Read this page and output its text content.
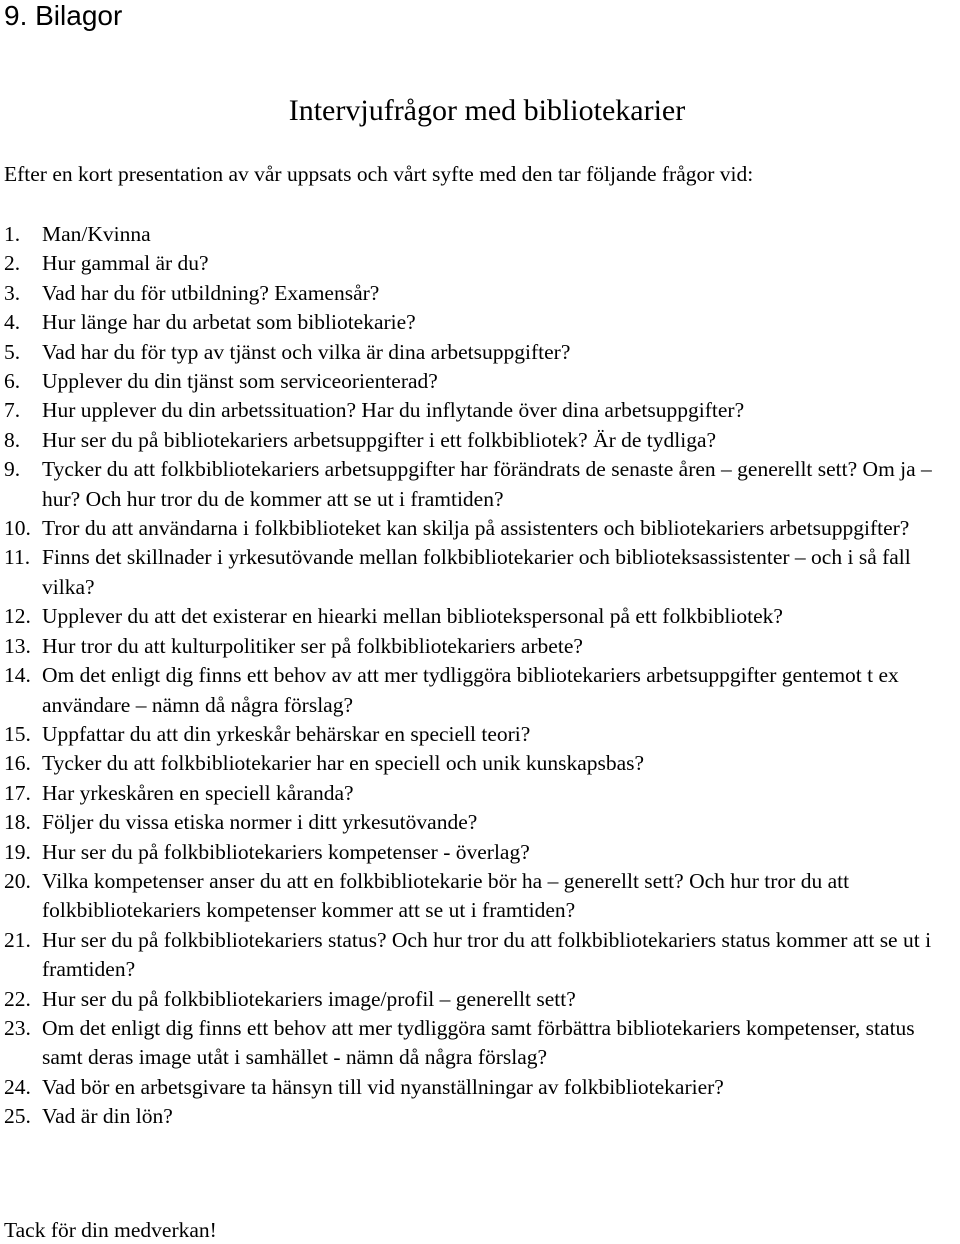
9. Bilagor
Intervjufrågor med bibliotekarier

Efter en kort presentation av vår uppsats och vårt syfte med den tar följande frågor vid:

1. Man/Kvinna
2. Hur gammal är du?
3. Vad har du för utbildning? Examensår?
4. Hur länge har du arbetat som bibliotekarie?
5. Vad har du för typ av tjänst och vilka är dina arbetsuppgifter?
6. Upplever du din tjänst som serviceorienterad?
7. Hur upplever du din arbetssituation? Har du inflytande över dina arbetsuppgifter?
8. Hur ser du på bibliotekariers arbetsuppgifter i ett folkbibliotek? Är de tydliga?
9. Tycker du att folkbibliotekariers arbetsuppgifter har förändrats de senaste åren – generellt sett? Om ja – hur? Och hur tror du de kommer att se ut i framtiden?
10. Tror du att användarna i folkbiblioteket kan skilja på assistenters och bibliotekariers arbetsuppgifter?
11. Finns det skillnader i yrkesutövande mellan folkbibliotekarier och biblioteksassistenter – och i så fall vilka?
12. Upplever du att det existerar en hiearki mellan bibliotekspersonal på ett folkbibliotek?
13. Hur tror du att kulturpolitiker ser på folkbibliotekariers arbete?
14. Om det enligt dig finns ett behov av att mer tydliggöra bibliotekariers arbetsuppgifter gentemot t ex användare – nämn då några förslag?
15. Uppfattar du att din yrkeskår behärskar en speciell teori?
16. Tycker du att folkbibliotekarier har en speciell och unik kunskapsbas?
17. Har yrkeskåren en speciell kåranda?
18. Följer du vissa etiska normer i ditt yrkesutövande?
19. Hur ser du på folkbibliotekariers kompetenser - överlag?
20. Vilka kompetenser anser du att en folkbibliotekarie bör ha – generellt sett? Och hur tror du att folkbibliotekariers kompetenser kommer att se ut i framtiden?
21. Hur ser du på folkbibliotekariers status? Och hur tror du att folkbibliotekariers status kommer att se ut i framtiden?
22. Hur ser du på folkbibliotekariers image/profil – generellt sett?
23. Om det enligt dig finns ett behov att mer tydliggöra samt förbättra bibliotekariers kompetenser, status samt deras image utåt i samhället - nämn då några förslag?
24. Vad bör en arbetsgivare ta hänsyn till vid nyanställningar av folkbibliotekarier?
25. Vad är din lön?

Tack för din medverkan!
